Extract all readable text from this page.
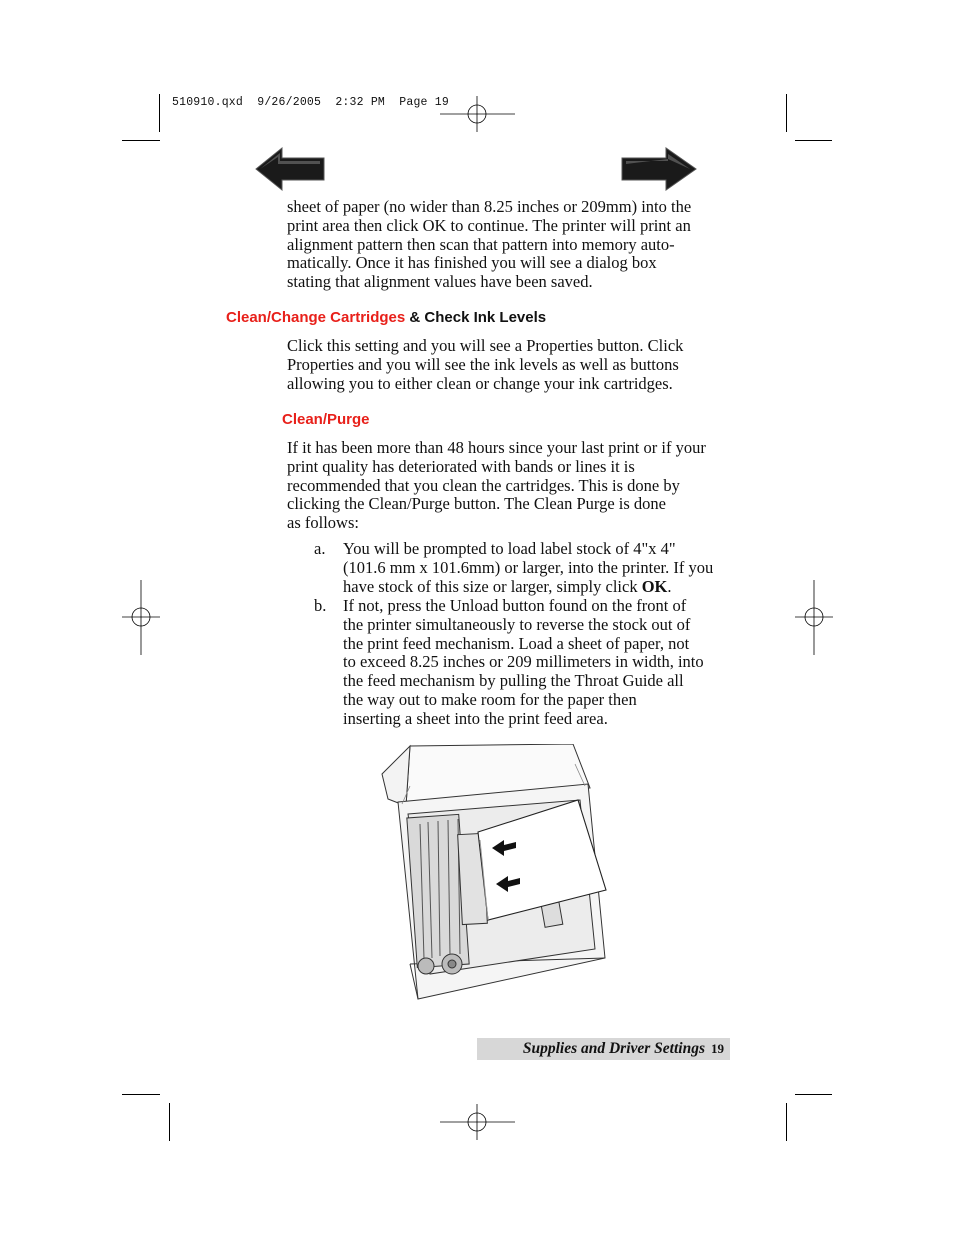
510910.qxd  9/26/2005  2:32 PM  Page 19
sheet of paper (no wider than 8.25 inches or 209mm) into the
print area then click OK to continue. The printer will print an
alignment pattern then scan that pattern into memory auto-
matically. Once it has finished you will see a dialog box
stating that alignment values have been saved.
Clean/Change Cartridges & Check Ink Levels
Click this setting and you will see a Properties button. Click
Properties and you will see the ink levels as well as buttons
allowing you to either clean or change your ink cartridges.
Clean/Purge
If it has been more than 48 hours since your last print or if your
print quality has deteriorated with bands or lines it is
recommended that you clean the cartridges. This is done by
clicking the Clean/Purge button. The Clean Purge is done
as follows:
a. You will be prompted to load label stock of 4"x 4"
(101.6 mm x 101.6mm) or larger, into the printer. If you
have stock of this size or larger, simply click OK.
b. If not, press the Unload button found on the front of
the printer simultaneously to reverse the stock out of
the print feed mechanism. Load a sheet of paper, not
to exceed 8.25 inches or 209 millimeters in width, into
the feed mechanism by pulling the Throat Guide all
the way out to make room for the paper then
inserting a sheet into the print feed area.
Supplies and Driver Settings 19
